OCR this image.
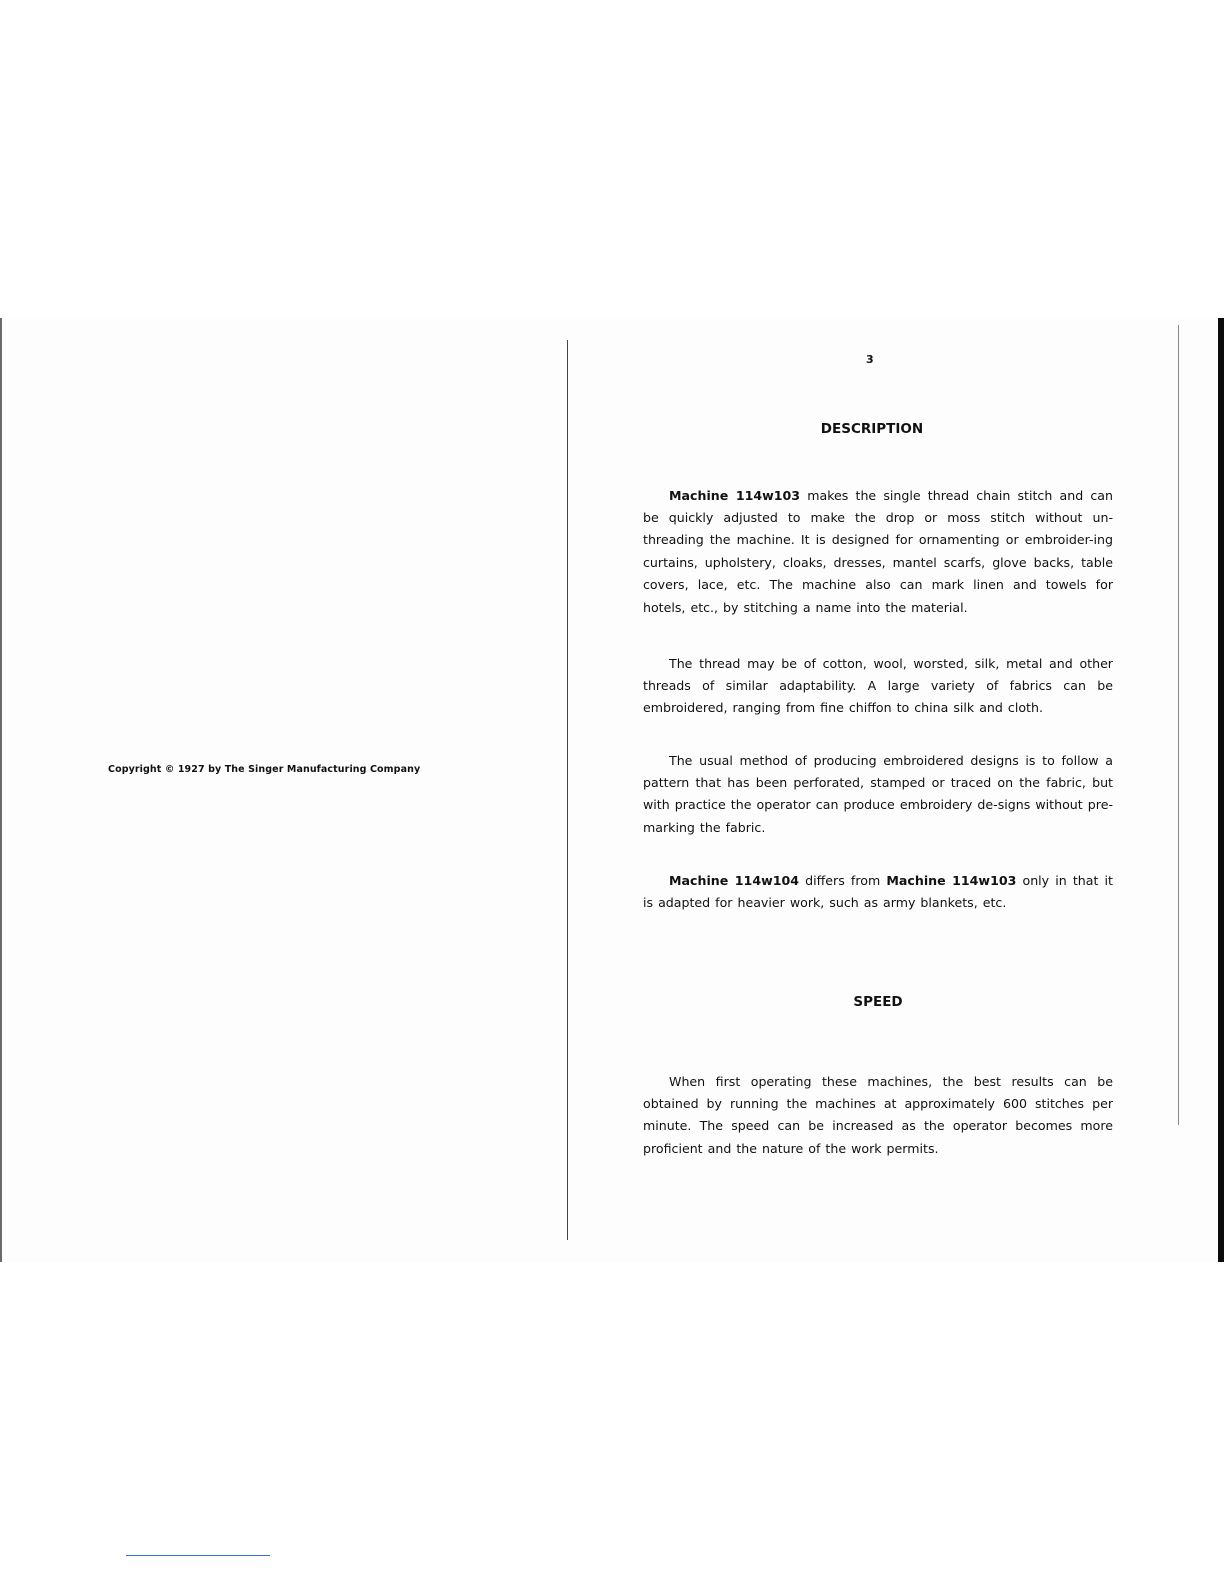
Copyright © 1927 by The Singer Manufacturing Company
3
DESCRIPTION

Machine 114w103 makes the single thread chain stitch and can be quickly adjusted to make the drop or moss stitch without un-threading the machine. It is designed for ornamenting or embroider-ing curtains, upholstery, cloaks, dresses, mantel scarfs, glove backs, table covers, lace, etc. The machine also can mark linen and towels for hotels, etc., by stitching a name into the material.

The thread may be of cotton, wool, worsted, silk, metal and other threads of similar adaptability. A large variety of fabrics can be embroidered, ranging from fine chiffon to china silk and cloth.

The usual method of producing embroidered designs is to follow a pattern that has been perforated, stamped or traced on the fabric, but with practice the operator can produce embroidery de-signs without pre-marking the fabric.

Machine 114w104 differs from Machine 114w103 only in that it is adapted for heavier work, such as army blankets, etc.

SPEED

When first operating these machines, the best results can be obtained by running the machines at approximately 600 stitches per minute. The speed can be increased as the operator becomes more proficient and the nature of the work permits.
